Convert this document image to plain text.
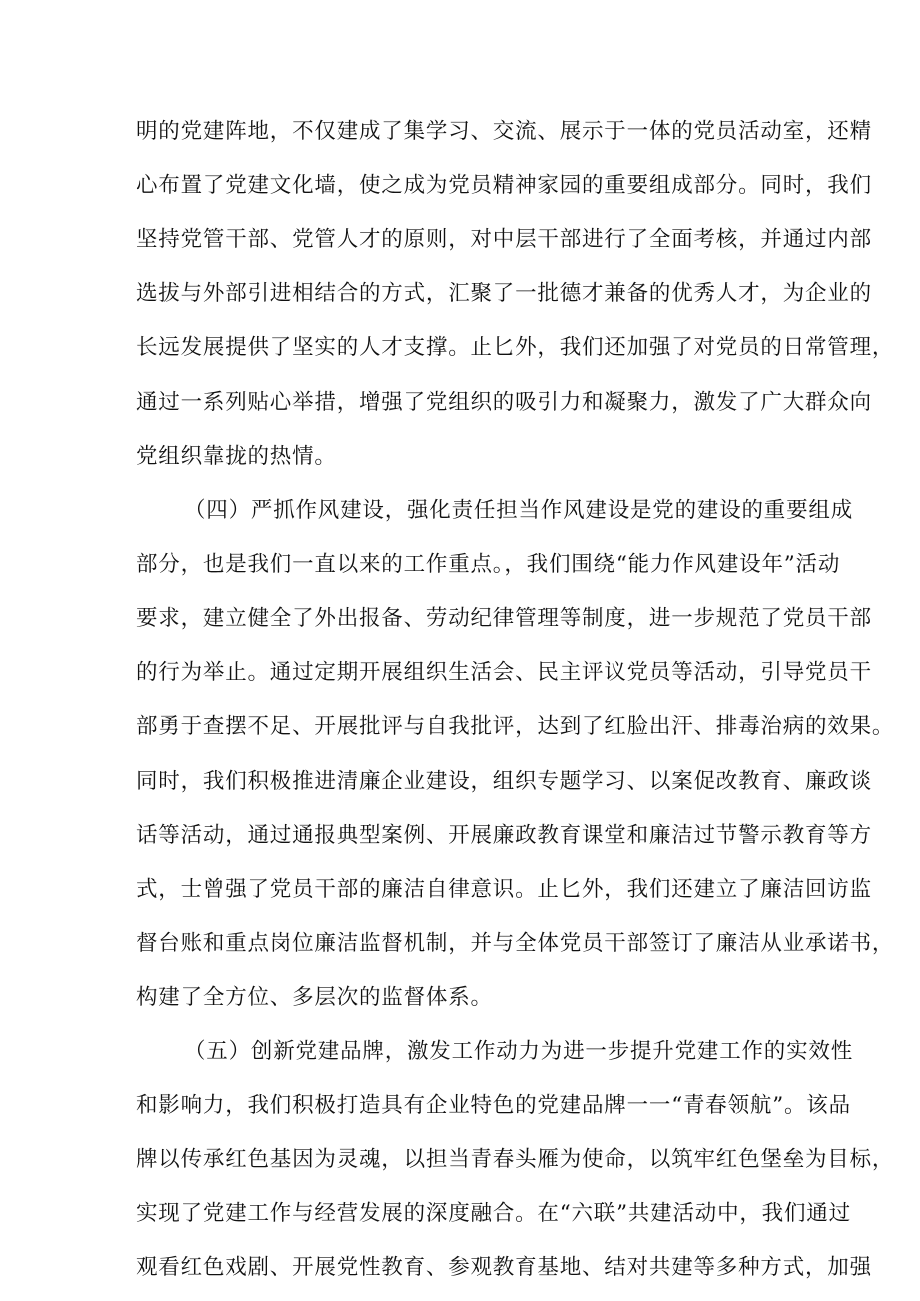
明的党建阵地，不仅建成了集学习、交流、展示于一体的党员活动室，还精
心布置了党建文化墙，使之成为党员精神家园的重要组成部分。同时，我们
坚持党管干部、党管人才的原则，对中层干部进行了全面考核，并通过内部
选拔与外部引进相结合的方式，汇聚了一批德才兼备的优秀人才，为企业的
长远发展提供了坚实的人才支撑。止匕外，我们还加强了对党员的日常管理，
通过一系列贴心举措，增强了党组织的吸引力和凝聚力，激发了广大群众向
党组织靠拢的热情。
（四）严抓作风建设，强化责任担当作风建设是党的建设的重要组成
部分，也是我们一直以来的工作重点。，我们围绕“能力作风建设年”活动
要求，建立健全了外出报备、劳动纪律管理等制度，进一步规范了党员干部
的行为举止。通过定期开展组织生活会、民主评议党员等活动，引导党员干
部勇于查摆不足、开展批评与自我批评，达到了红脸出汗、排毒治病的效果。
同时，我们积极推进清廉企业建设，组织专题学习、以案促改教育、廉政谈
话等活动，通过通报典型案例、开展廉政教育课堂和廉洁过节警示教育等方
式，士曾强了党员干部的廉洁自律意识。止匕外，我们还建立了廉洁回访监
督台账和重点岗位廉洁监督机制，并与全体党员干部签订了廉洁从业承诺书，
构建了全方位、多层次的监督体系。
（五）创新党建品牌，激发工作动力为进一步提升党建工作的实效性
和影响力，我们积极打造具有企业特色的党建品牌一一“青春领航”。该品
牌以传承红色基因为灵魂，以担当青春头雁为使命，以筑牢红色堡垒为目标，
实现了党建工作与经营发展的深度融合。在“六联”共建活动中，我们通过
观看红色戏剧、开展党性教育、参观教育基地、结对共建等多种方式，加强
